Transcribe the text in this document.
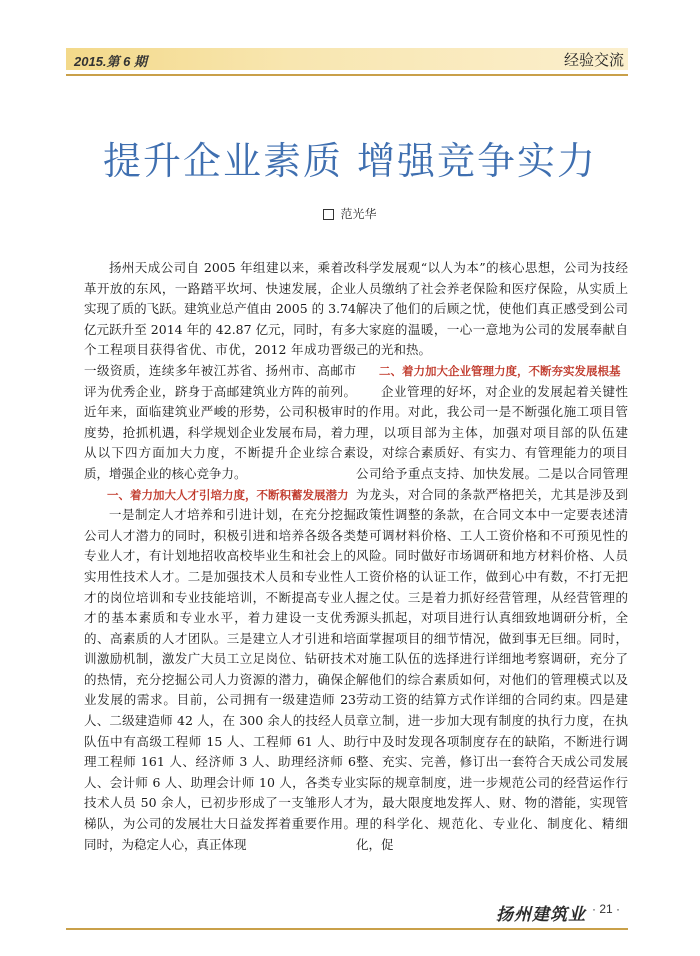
2015.第 6 期	经验交流
提升企业素质 增强竞争实力
范光华

扬州天成公司自 2005 年组建以来，乘着改革开放的东风，一路踏平坎坷、快速发展，企业实现了质的飞跃。建筑业总产值由 2005 的 3.74 亿元跃升至 2014 年的 42.87 亿元，同时，有多个工程项目获得省优、市优，2012 年成功晋级一级资质，连续多年被江苏省、扬州市、高邮市评为优秀企业，跻身于高邮建筑业方阵的前列。近年来，面临建筑业严峻的形势，公司积极审时度势，抢抓机遇，科学规划企业发展布局，着力从以下四方面加大力度，不断提升企业综合素质，增强企业的核心竞争力。

一、着力加大人才引培力度，不断积蓄发展潜力

一是制定人才培养和引进计划，在充分挖掘公司人才潜力的同时，积极引进和培养各级各类专业人才，有计划地招收高校毕业生和社会上的实用性技术人才。二是加强技术人员和专业性人才的岗位培训和专业技能培训，不断提高专业人才的基本素质和专业水平，着力建设一支优秀的、高素质的人才团队。三是建立人才引进和培训激励机制，激发广大员工立足岗位、钻研技术的热情，充分挖掘公司人力资源的潜力，确保企业发展的需求。目前，公司拥有一级建造师 23 人、二级建造师 42 人，在 300 余人的技经人员队伍中有高级工程师 15 人、工程师 61 人、助理工程师 161 人、经济师 3 人、助理经济师 6 人、会计师 6 人、助理会计师 10 人，各类专业技术人员 50 余人，已初步形成了一支雏形人才梯队，为公司的发展壮大日益发挥着重要作用。同时，为稳定人心，真正体现

科学发展观“以人为本”的核心思想，公司为技经人员缴纳了社会养老保险和医疗保险，从实质上解决了他们的后顾之忧，使他们真正感受到公司大家庭的温暖，一心一意地为公司的发展奉献自己的光和热。

二、着力加大企业管理力度，不断夯实发展根基

企业管理的好坏，对企业的发展起着关键性的作用。对此，我公司一是不断强化施工项目管理，以项目部为主体，加强对项目部的队伍建设，对综合素质好、有实力、有管理能力的项目公司给予重点支持、加快发展。二是以合同管理为龙头，对合同的条款严格把关，尤其是涉及到政策性调整的条款，在合同文本中一定要表述清楚可调材料价格、工人工资价格和不可预见性的风险。同时做好市场调研和地方材料价格、人员工资价格的认证工作，做到心中有数，不打无把握之仗。三是着力抓好经营管理，从经营管理的源头抓起，对项目进行认真细致地调研分析，全面掌握项目的细节情况，做到事无巨细。同时，对施工队伍的选择进行详细地考察调研，充分了解他们的综合素质如何，对他们的管理模式以及劳动工资的结算方式作详细的合同约束。四是建章立制，进一步加大现有制度的执行力度，在执行中及时发现各项制度存在的缺陷，不断进行调整、充实、完善，修订出一套符合天成公司发展实际的规章制度，进一步规范公司的经营运作行为，最大限度地发挥人、财、物的潜能，实现管理的科学化、规范化、专业化、制度化、精细化，促

扬州建筑业 · 21 ·
